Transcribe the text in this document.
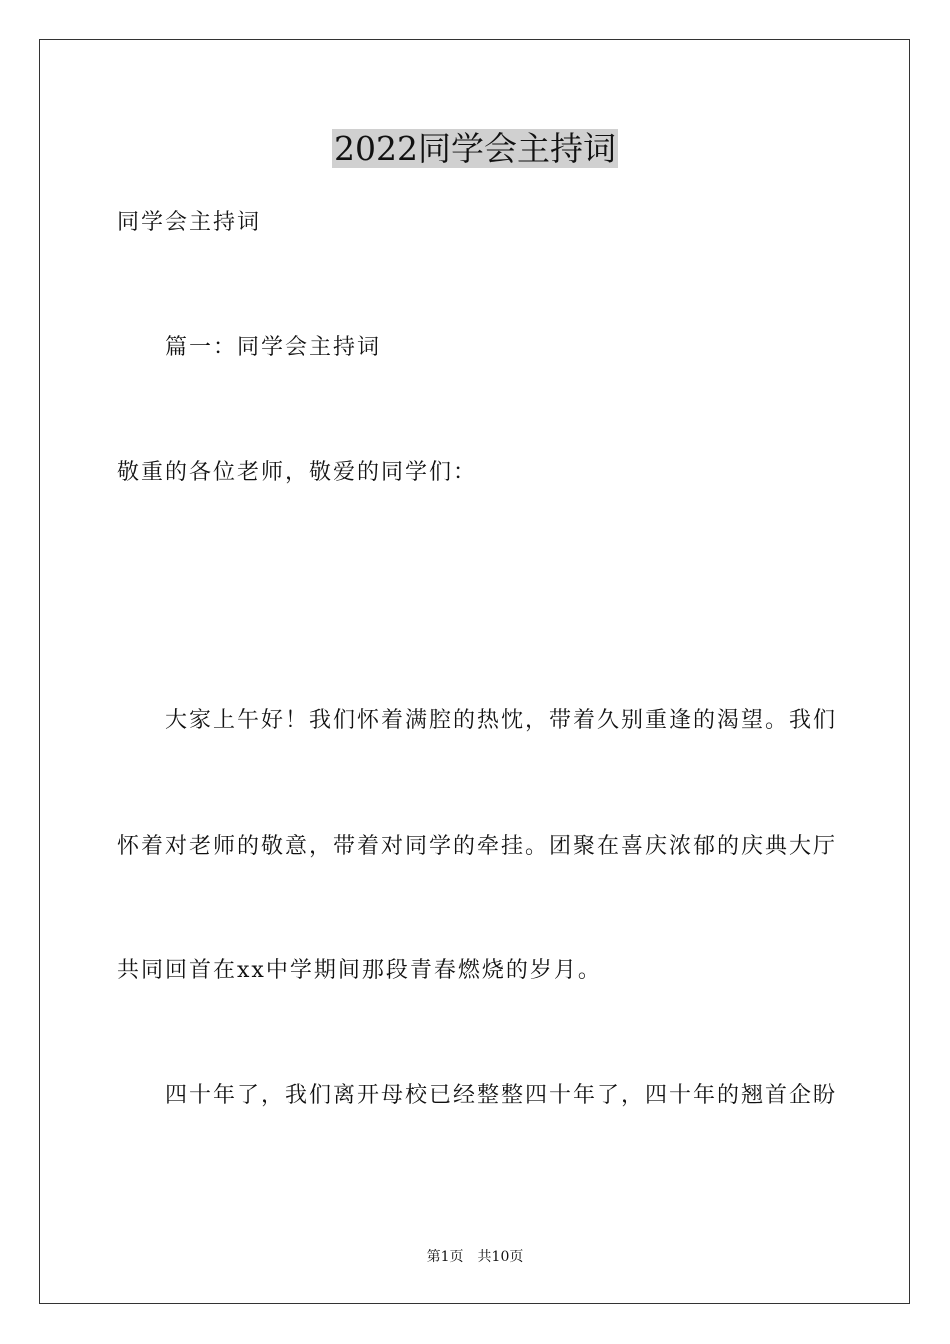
2022同学会主持词
同学会主持词
篇一：同学会主持词
敬重的各位老师，敬爱的同学们：
大家上午好！我们怀着满腔的热忱，带着久别重逢的渴望。我们
怀着对老师的敬意，带着对同学的牵挂。团聚在喜庆浓郁的庆典大厅
共同回首在xx中学期间那段青春燃烧的岁月。
四十年了，我们离开母校已经整整四十年了，四十年的翘首企盼
第1页　共10页
